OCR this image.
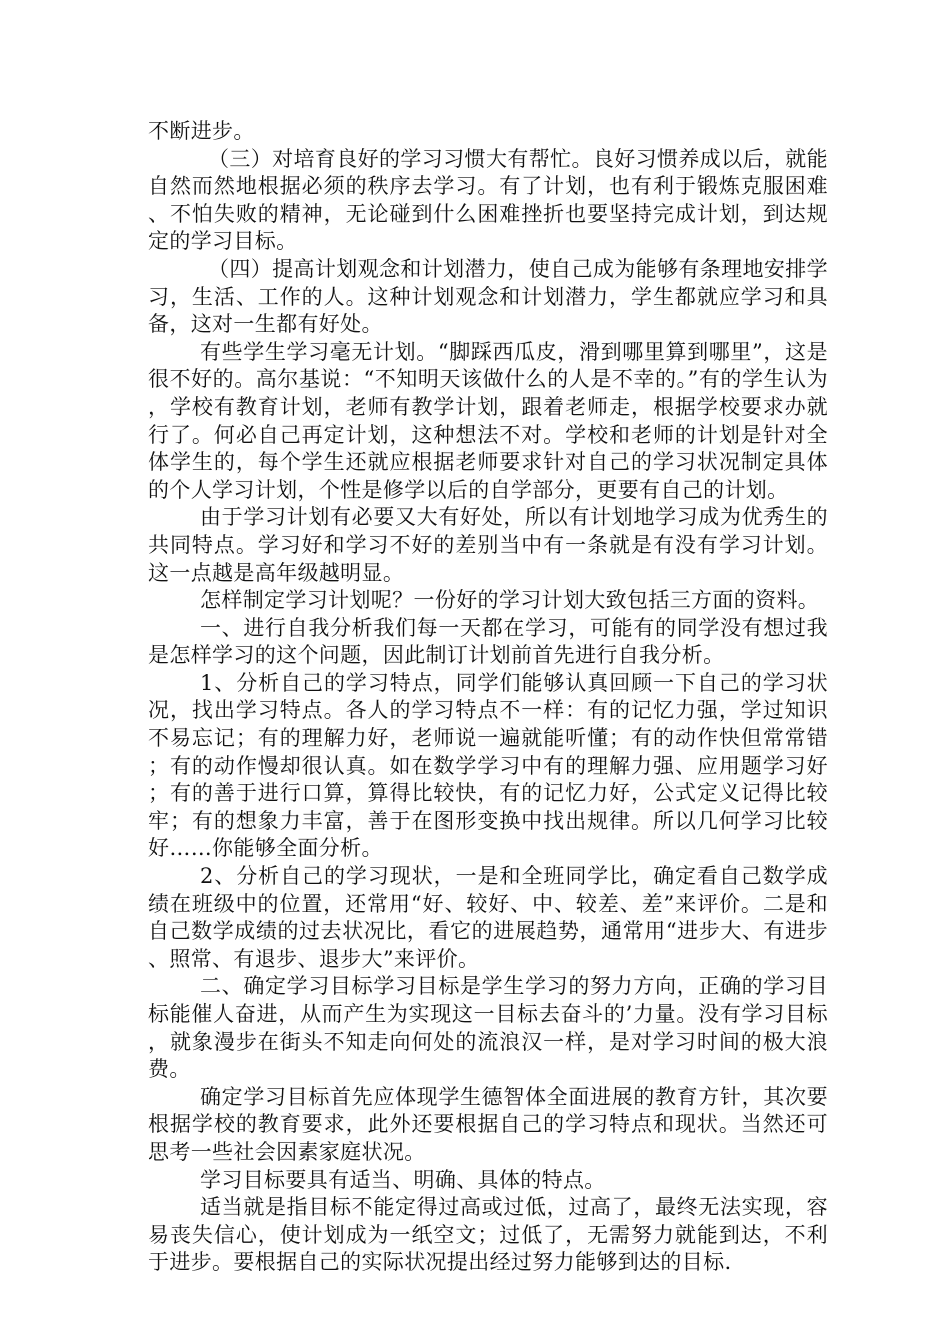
不断进步。

（三）对培育良好的学习习惯大有帮忙。良好习惯养成以后，就能自然而然地根据必须的秩序去学习。有了计划，也有利于锻炼克服困难、不怕失败的精神，无论碰到什么困难挫折也要坚持完成计划，到达规定的学习目标。

（四）提高计划观念和计划潜力，使自己成为能够有条理地安排学习，生活、工作的人。这种计划观念和计划潜力，学生都就应学习和具备，这对一生都有好处。

有些学生学习毫无计划。“脚踩西瓜皮，滑到哪里算到哪里”，这是很不好的。高尔基说：“不知明天该做什么的人是不幸的。”有的学生认为，学校有教育计划，老师有教学计划，跟着老师走，根据学校要求办就行了。何必自己再定计划，这种想法不对。学校和老师的计划是针对全体学生的，每个学生还就应根据老师要求针对自己的学习状况制定具体的个人学习计划，个性是修学以后的自学部分，更要有自己的计划。

由于学习计划有必要又大有好处，所以有计划地学习成为优秀生的共同特点。学习好和学习不好的差别当中有一条就是有没有学习计划。这一点越是高年级越明显。

怎样制定学习计划呢？一份好的学习计划大致包括三方面的资料。

一、进行自我分析我们每一天都在学习，可能有的同学没有想过我是怎样学习的这个问题，因此制订计划前首先进行自我分析。

1、分析自己的学习特点，同学们能够认真回顾一下自己的学习状况，找出学习特点。各人的学习特点不一样：有的记忆力强，学过知识不易忘记；有的理解力好，老师说一遍就能听懂；有的动作快但常常错；有的动作慢却很认真。如在数学学习中有的理解力强、应用题学习好；有的善于进行口算，算得比较快，有的记忆力好，公式定义记得比较牢；有的想象力丰富，善于在图形变换中找出规律。所以几何学习比较好……你能够全面分析。

2、分析自己的学习现状，一是和全班同学比，确定看自己数学成绩在班级中的位置，还常用“好、较好、中、较差、差”来评价。二是和自己数学成绩的过去状况比，看它的进展趋势，通常用“进步大、有进步、照常、有退步、退步大”来评价。

二、确定学习目标学习目标是学生学习的努力方向，正确的学习目标能催人奋进，从而产生为实现这一目标去奋斗的’力量。没有学习目标，就象漫步在街头不知走向何处的流浪汉一样，是对学习时间的极大浪费。

确定学习目标首先应体现学生德智体全面进展的教育方针，其次要根据学校的教育要求，此外还要根据自己的学习特点和现状。当然还可思考一些社会因素家庭状况。

学习目标要具有适当、明确、具体的特点。

适当就是指目标不能定得过高或过低，过高了，最终无法实现，容易丧失信心，使计划成为一纸空文；过低了，无需努力就能到达，不利于进步。要根据自己的实际状况提出经过努力能够到达的目标.
